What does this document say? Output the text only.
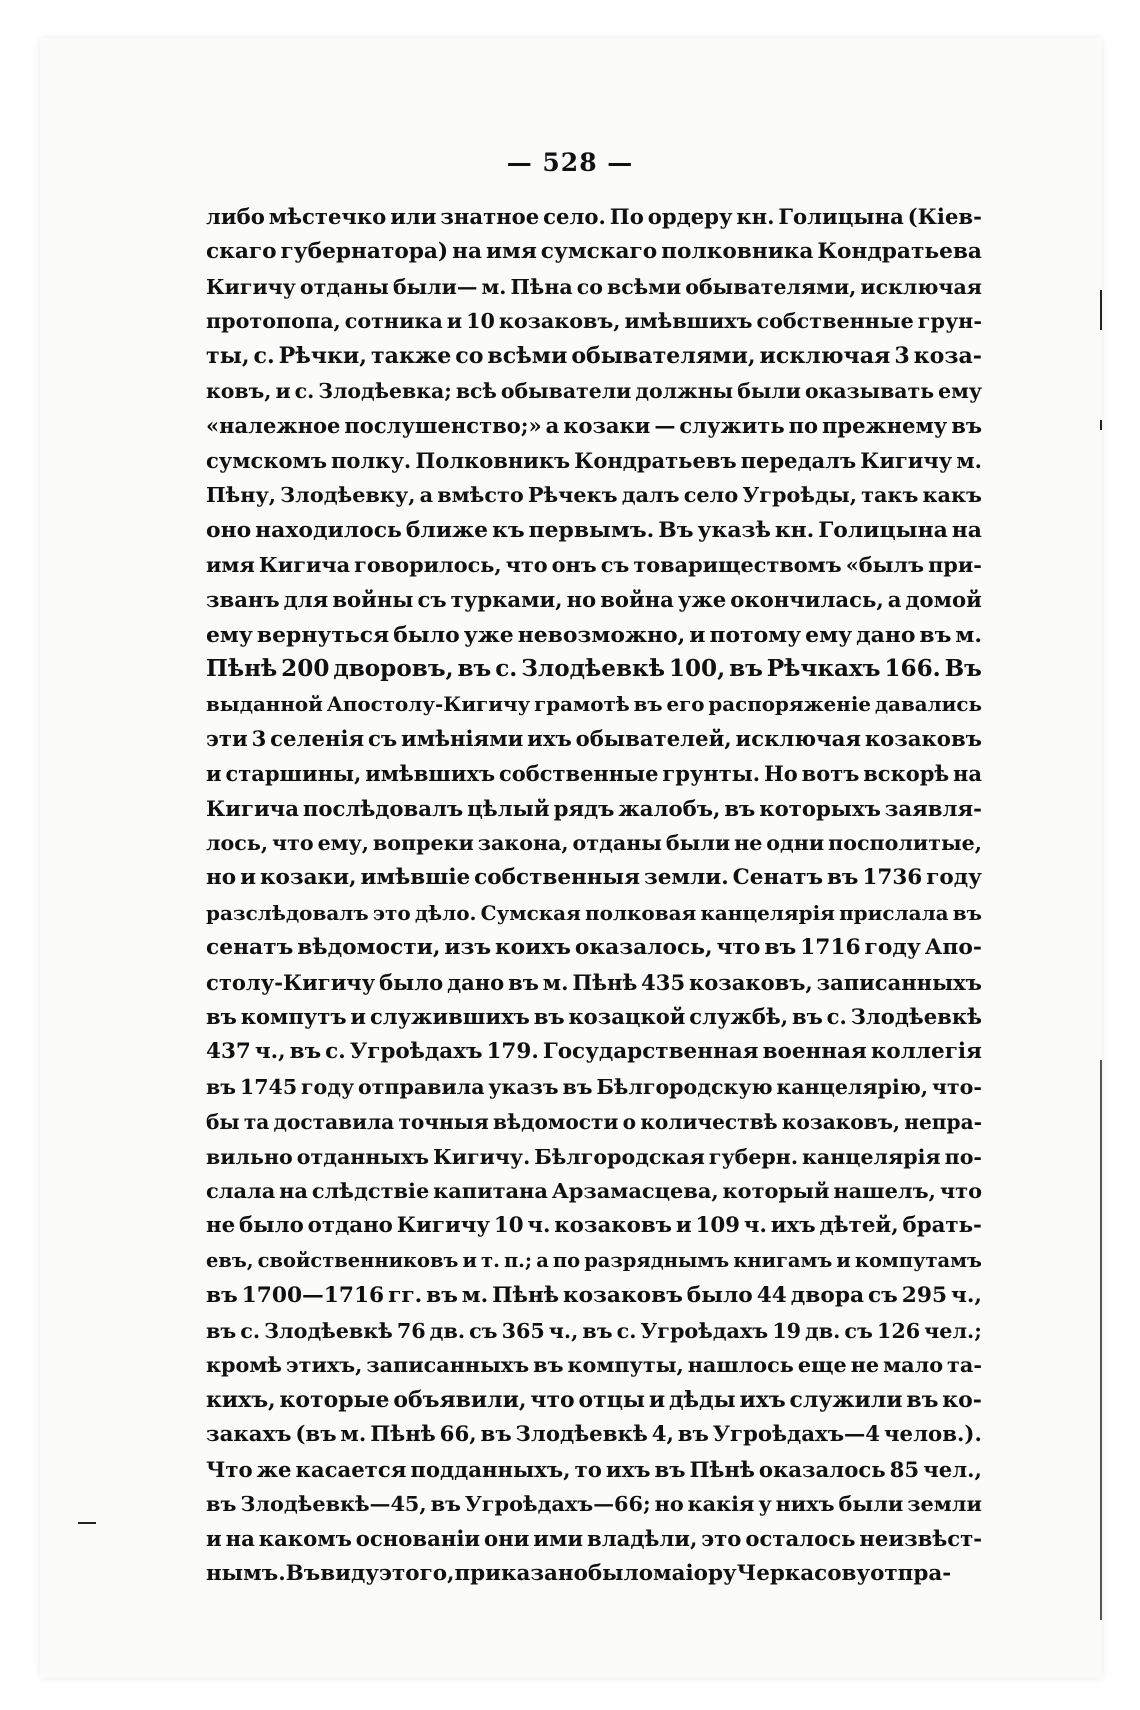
— 528 —
либо мѣстечко или знатное село. По ордеру кн. Голицына (Кiев-
скаго губернатора) на имя сумскаго полковника Кондратьева
Кигичу отданы были— м. Пѣна со всѣми обывателями, исключая
протопопа, сотника и 10 козаковъ, имѣвшихъ собственные грун-
ты, с. Рѣчки, также со всѣми обывателями, исключая 3 коза-
ковъ, и с. Злодѣевка; всѣ обыватели должны были оказывать ему
«належное послушенство;» а козаки — служить по прежнему въ
сумскомъ полку. Полковникъ Кондратьевъ передалъ Кигичу м.
Пѣну, Злодѣевку, а вмѣсто Рѣчекъ далъ село Угроѣды, такъ какъ
оно находилось ближе къ первымъ. Въ указѣ кн. Голицына на
имя Кигича говорилось, что онъ съ товариществомъ «былъ при-
званъ для войны съ турками, но война уже окончилась, а домой
ему вернуться было уже невозможно, и потому ему дано въ м.
Пѣнѣ 200 дворовъ, въ с. Злодѣевкѣ 100, въ Рѣчкахъ 166. Въ
выданной Апостолу-Кигичу грамотѣ въ его распоряженiе давались
эти 3 селенiя съ имѣнiями ихъ обывателей, исключая козаковъ
и старшины, имѣвшихъ собственные грунты. Но вотъ вскорѣ на
Кигича послѣдовалъ цѣлый рядъ жалобъ, въ которыхъ заявля-
лось, что ему, вопреки закона, отданы были не одни посполитые,
но и козаки, имѣвшiе собственныя земли. Сенатъ въ 1736 году
разслѣдовалъ это дѣло. Сумская полковая канцелярiя прислала въ
сенатъ вѣдомости, изъ коихъ оказалось, что въ 1716 году Апо-
столу-Кигичу было дано въ м. Пѣнѣ 435 козаковъ, записанныхъ
въ компутъ и служившихъ въ козацкой службѣ, въ с. Злодѣевкѣ
437 ч., въ с. Угроѣдахъ 179. Государственная военная коллегiя
въ 1745 году отправила указъ въ Бѣлгородскую канцелярiю, что-
бы та доставила точныя вѣдомости о количествѣ козаковъ, непра-
вильно отданныхъ Кигичу. Бѣлгородская губерн. канцелярiя по-
слала на слѣдствiе капитана Арзамасцева, который нашелъ, что
не было отдано Кигичу 10 ч. козаковъ и 109 ч. ихъ дѣтей, брать-
евъ, свойственниковъ и т. п.; а по разряднымъ книгамъ и компутамъ
въ 1700—1716 гг. въ м. Пѣнѣ козаковъ было 44 двора съ 295 ч.,
въ с. Злодѣевкѣ 76 дв. съ 365 ч., въ с. Угроѣдахъ 19 дв. съ 126 чел.;
кромѣ этихъ, записанныхъ въ компуты, нашлось еще не мало та-
кихъ, которые объявили, что отцы и дѣды ихъ служили въ ко-
закахъ (въ м. Пѣнѣ 66, въ Злодѣевкѣ 4, въ Угроѣдахъ—4 челов.).
Что же касается подданныхъ, то ихъ въ Пѣнѣ оказалось 85 чел.,
въ Злодѣевкѣ—45, въ Угроѣдахъ—66; но какiя у нихъ были земли
и на какомъ основанiи они ими владѣли, это осталось неизвѣст-
нымъ. Въ виду этого, приказано было маiору Черкасову отпра-
